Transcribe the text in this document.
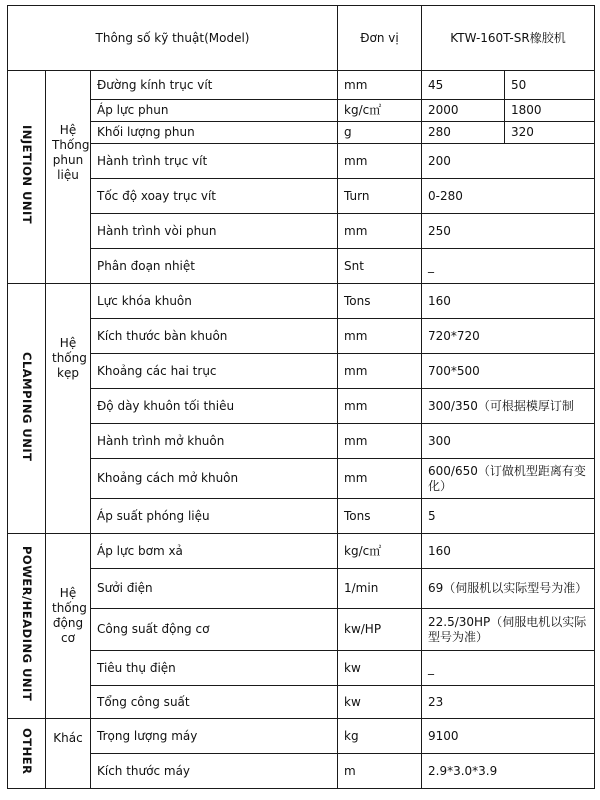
Thông số kỹ thuật(Model)			Đơn vị	KTW-160T-SR橡胶机	
INJETION UNIT	Hệ Thống phun liệu	Đường kính trục vít	mm	45	50
		Áp lực phun	kg/c㎡	2000	1800
		Khối lượng phun	g	280	320
		Hành trình trục vít	mm	200	
		Tốc độ xoay trục vít	Turn	0-280	
		Hành trình vòi phun	mm	250	
		Phân đoạn nhiệt	Snt	_	
CLAMPING UNIT	Hệ thống kẹp	Lực khóa khuôn	Tons	160	
		Kích thước bàn khuôn	mm	720*720	
		Khoảng các hai trục	mm	700*500	
		Độ dày khuôn tối thiêu	mm	300/350（可根据模厚订制	
		Hành trình mở khuôn	mm	300	
		Khoảng cách mở khuôn	mm	600/650（订做机型距离有变化）	
		Áp suất phóng liệu	Tons	5	
POWER/HEADING UNIT	Hệ thống động cơ	Áp lực bơm xả	kg/c㎡	160	
		Sưởi điện	1/min	69（伺服机以实际型号为准）	
		Công suất động cơ	kw/HP	22.5/30HP（伺服电机以实际型号为准）	
		Tiêu thụ điện	kw	_	
		Tổng công suất	kw	23	
OTHER	Khác	Trọng lượng máy	kg	9100	
		Kích thước máy	m	2.9*3.0*3.9	
